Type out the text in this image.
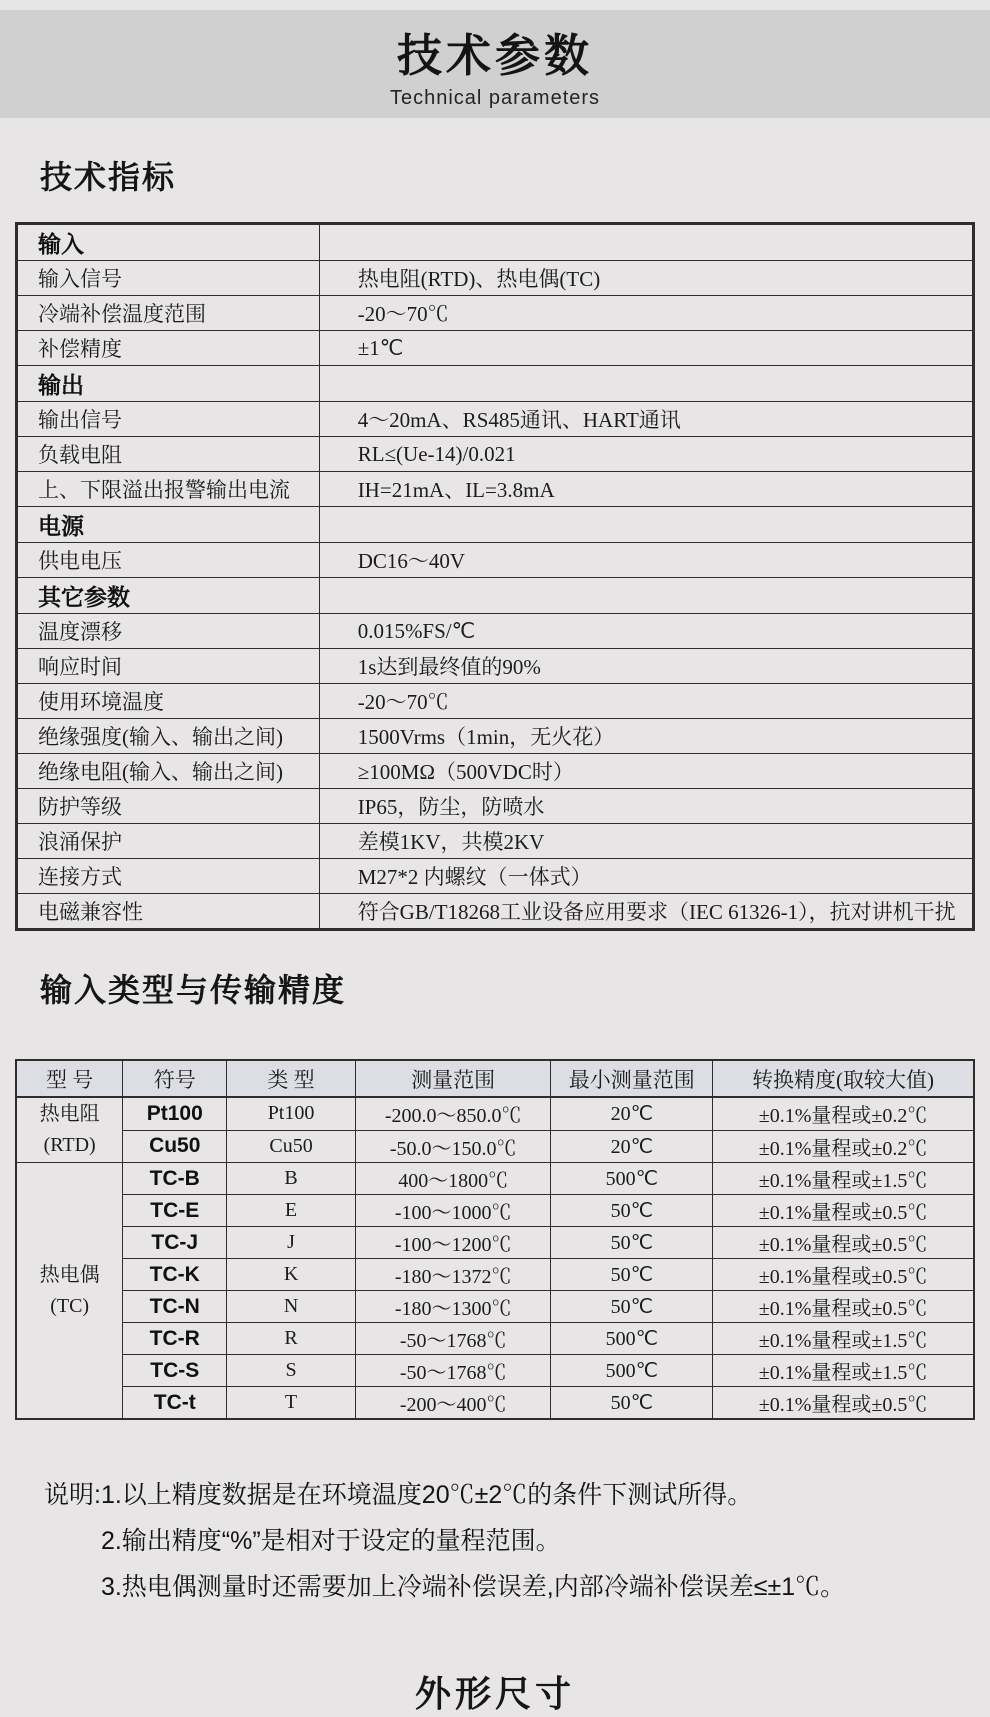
技术参数
Technical parameters
技术指标
输入	
输入信号	热电阻(RTD)、热电偶(TC)
冷端补偿温度范围	-20～70℃
补偿精度	±1℃
输出	
输出信号	4～20mA、RS485通讯、HART通讯
负载电阻	RL≤(Ue-14)/0.021
上、下限溢出报警输出电流	IH=21mA、IL=3.8mA
电源	
供电电压	DC16～40V
其它参数	
温度漂移	0.015%FS/℃
响应时间	1s达到最终值的90%
使用环境温度	-20～70℃
绝缘强度(输入、输出之间)	1500Vrms（1min，无火花）
绝缘电阻(输入、输出之间)	≥100MΩ（500VDC时）
防护等级	IP65，防尘，防喷水
浪涌保护	差模1KV，共模2KV
连接方式	M27*2 内螺纹（一体式）
电磁兼容性	符合GB/T18268工业设备应用要求（IEC 61326-1），抗对讲机干扰
输入类型与传输精度
型 号	符号	类 型	测量范围	最小测量范围	转换精度(取较大值)

热电阻
(RTD)	Pt100	Pt100	-200.0～850.0℃	20℃	±0.1%量程或±0.2℃
	Cu50	Cu50	-50.0～150.0℃	20℃	±0.1%量程或±0.2℃

热电偶
(TC)	TC-B	B	400～1800℃	500℃	±0.1%量程或±1.5℃
	TC-E	E	-100～1000℃	50℃	±0.1%量程或±0.5℃
	TC-J	J	-100～1200℃	50℃	±0.1%量程或±0.5℃
	TC-K	K	-180～1372℃	50℃	±0.1%量程或±0.5℃
	TC-N	N	-180～1300℃	50℃	±0.1%量程或±0.5℃
	TC-R	R	-50～1768℃	500℃	±0.1%量程或±1.5℃
	TC-S	S	-50～1768℃	500℃	±0.1%量程或±1.5℃
	TC-t	T	-200～400℃	50℃	±0.1%量程或±0.5℃
说明: 1.以上精度数据是在环境温度20℃±2℃的条件下测试所得。
2.输出精度“%”是相对于设定的量程范围。
3.热电偶测量时还需要加上冷端补偿误差,内部冷端补偿误差≤±1℃。
外形尺寸
